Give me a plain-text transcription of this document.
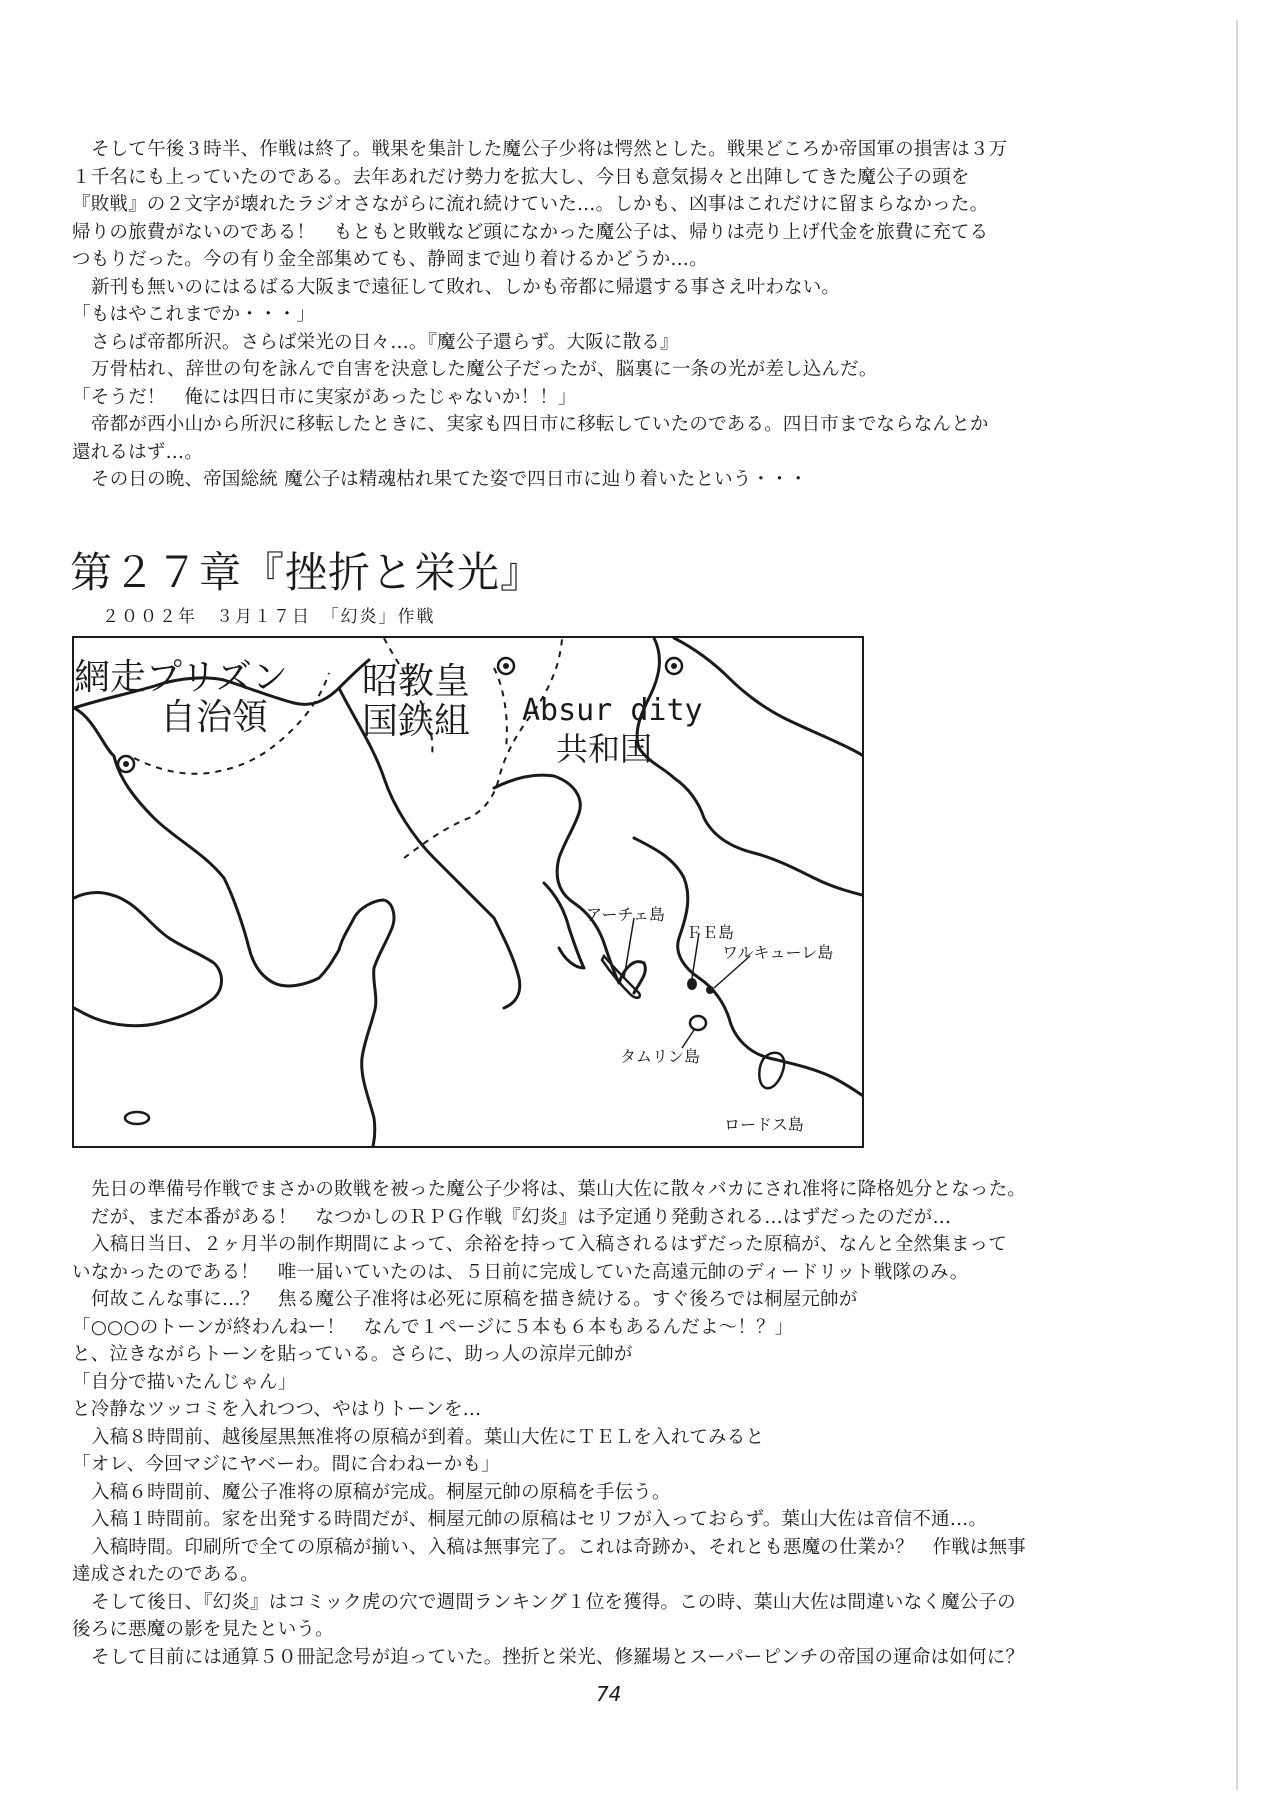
そして午後３時半、作戦は終了。戦果を集計した魔公子少将は愕然とした。戦果どころか帝国軍の損害は３万

１千名にも上っていたのである。去年あれだけ勢力を拡大し、今日も意気揚々と出陣してきた魔公子の頭を

『敗戦』の２文字が壊れたラジオさながらに流れ続けていた…。しかも、凶事はこれだけに留まらなかった。

帰りの旅費がないのである！　もともと敗戦など頭になかった魔公子は、帰りは売り上げ代金を旅費に充てる

つもりだった。今の有り金全部集めても、静岡まで辿り着けるかどうか…。

新刊も無いのにはるばる大阪まで遠征して敗れ、しかも帝都に帰還する事さえ叶わない。

「もはやこれまでか・・・」

さらば帝都所沢。さらば栄光の日々…。『魔公子還らず。大阪に散る』

万骨枯れ、辞世の句を詠んで自害を決意した魔公子だったが、脳裏に一条の光が差し込んだ。

「そうだ！　俺には四日市に実家があったじゃないか！！」

帝都が西小山から所沢に移転したときに、実家も四日市に移転していたのである。四日市までならなんとか

還れるはず…。

その日の晩、帝国総統 魔公子は精魂枯れ果てた姿で四日市に辿り着いたという・・・

第２７章『挫折と栄光』
２００２年　３月１７日　「幻炎」作戦
網走プリズン
自治領
昭教皇
国鉄組 Absur dity
共和国
アーチェ島
ＦＥ島
ワルキューレ島
タムリン島
ロードス島

先日の準備号作戦でまさかの敗戦を被った魔公子少将は、葉山大佐に散々バカにされ准将に降格処分となった。

だが、まだ本番がある！　なつかしのＲＰＧ作戦『幻炎』は予定通り発動される…はずだったのだが…

入稿日当日、２ヶ月半の制作期間によって、余裕を持って入稿されるはずだった原稿が、なんと全然集まって

いなかったのである！　唯一届いていたのは、５日前に完成していた高遠元帥のディードリット戦隊のみ。

何故こんな事に…？　焦る魔公子准将は必死に原稿を描き続ける。すぐ後ろでは桐屋元帥が

「○○○のトーンが終わんねー！　なんで１ページに５本も６本もあるんだよ～！？」

と、泣きながらトーンを貼っている。さらに、助っ人の涼岸元帥が

「自分で描いたんじゃん」

と冷静なツッコミを入れつつ、やはりトーンを…

入稿８時間前、越後屋黒無准将の原稿が到着。葉山大佐にＴＥＬを入れてみると

「オレ、今回マジにヤベーわ。間に合わねーかも」

入稿６時間前、魔公子准将の原稿が完成。桐屋元帥の原稿を手伝う。

入稿１時間前。家を出発する時間だが、桐屋元帥の原稿はセリフが入っておらず。葉山大佐は音信不通…。

入稿時間。印刷所で全ての原稿が揃い、入稿は無事完了。これは奇跡か、それとも悪魔の仕業か？　作戦は無事

達成されたのである。

そして後日、『幻炎』はコミック虎の穴で週間ランキング１位を獲得。この時、葉山大佐は間違いなく魔公子の

後ろに悪魔の影を見たという。

そして目前には通算５０冊記念号が迫っていた。挫折と栄光、修羅場とスーパーピンチの帝国の運命は如何に？

74
